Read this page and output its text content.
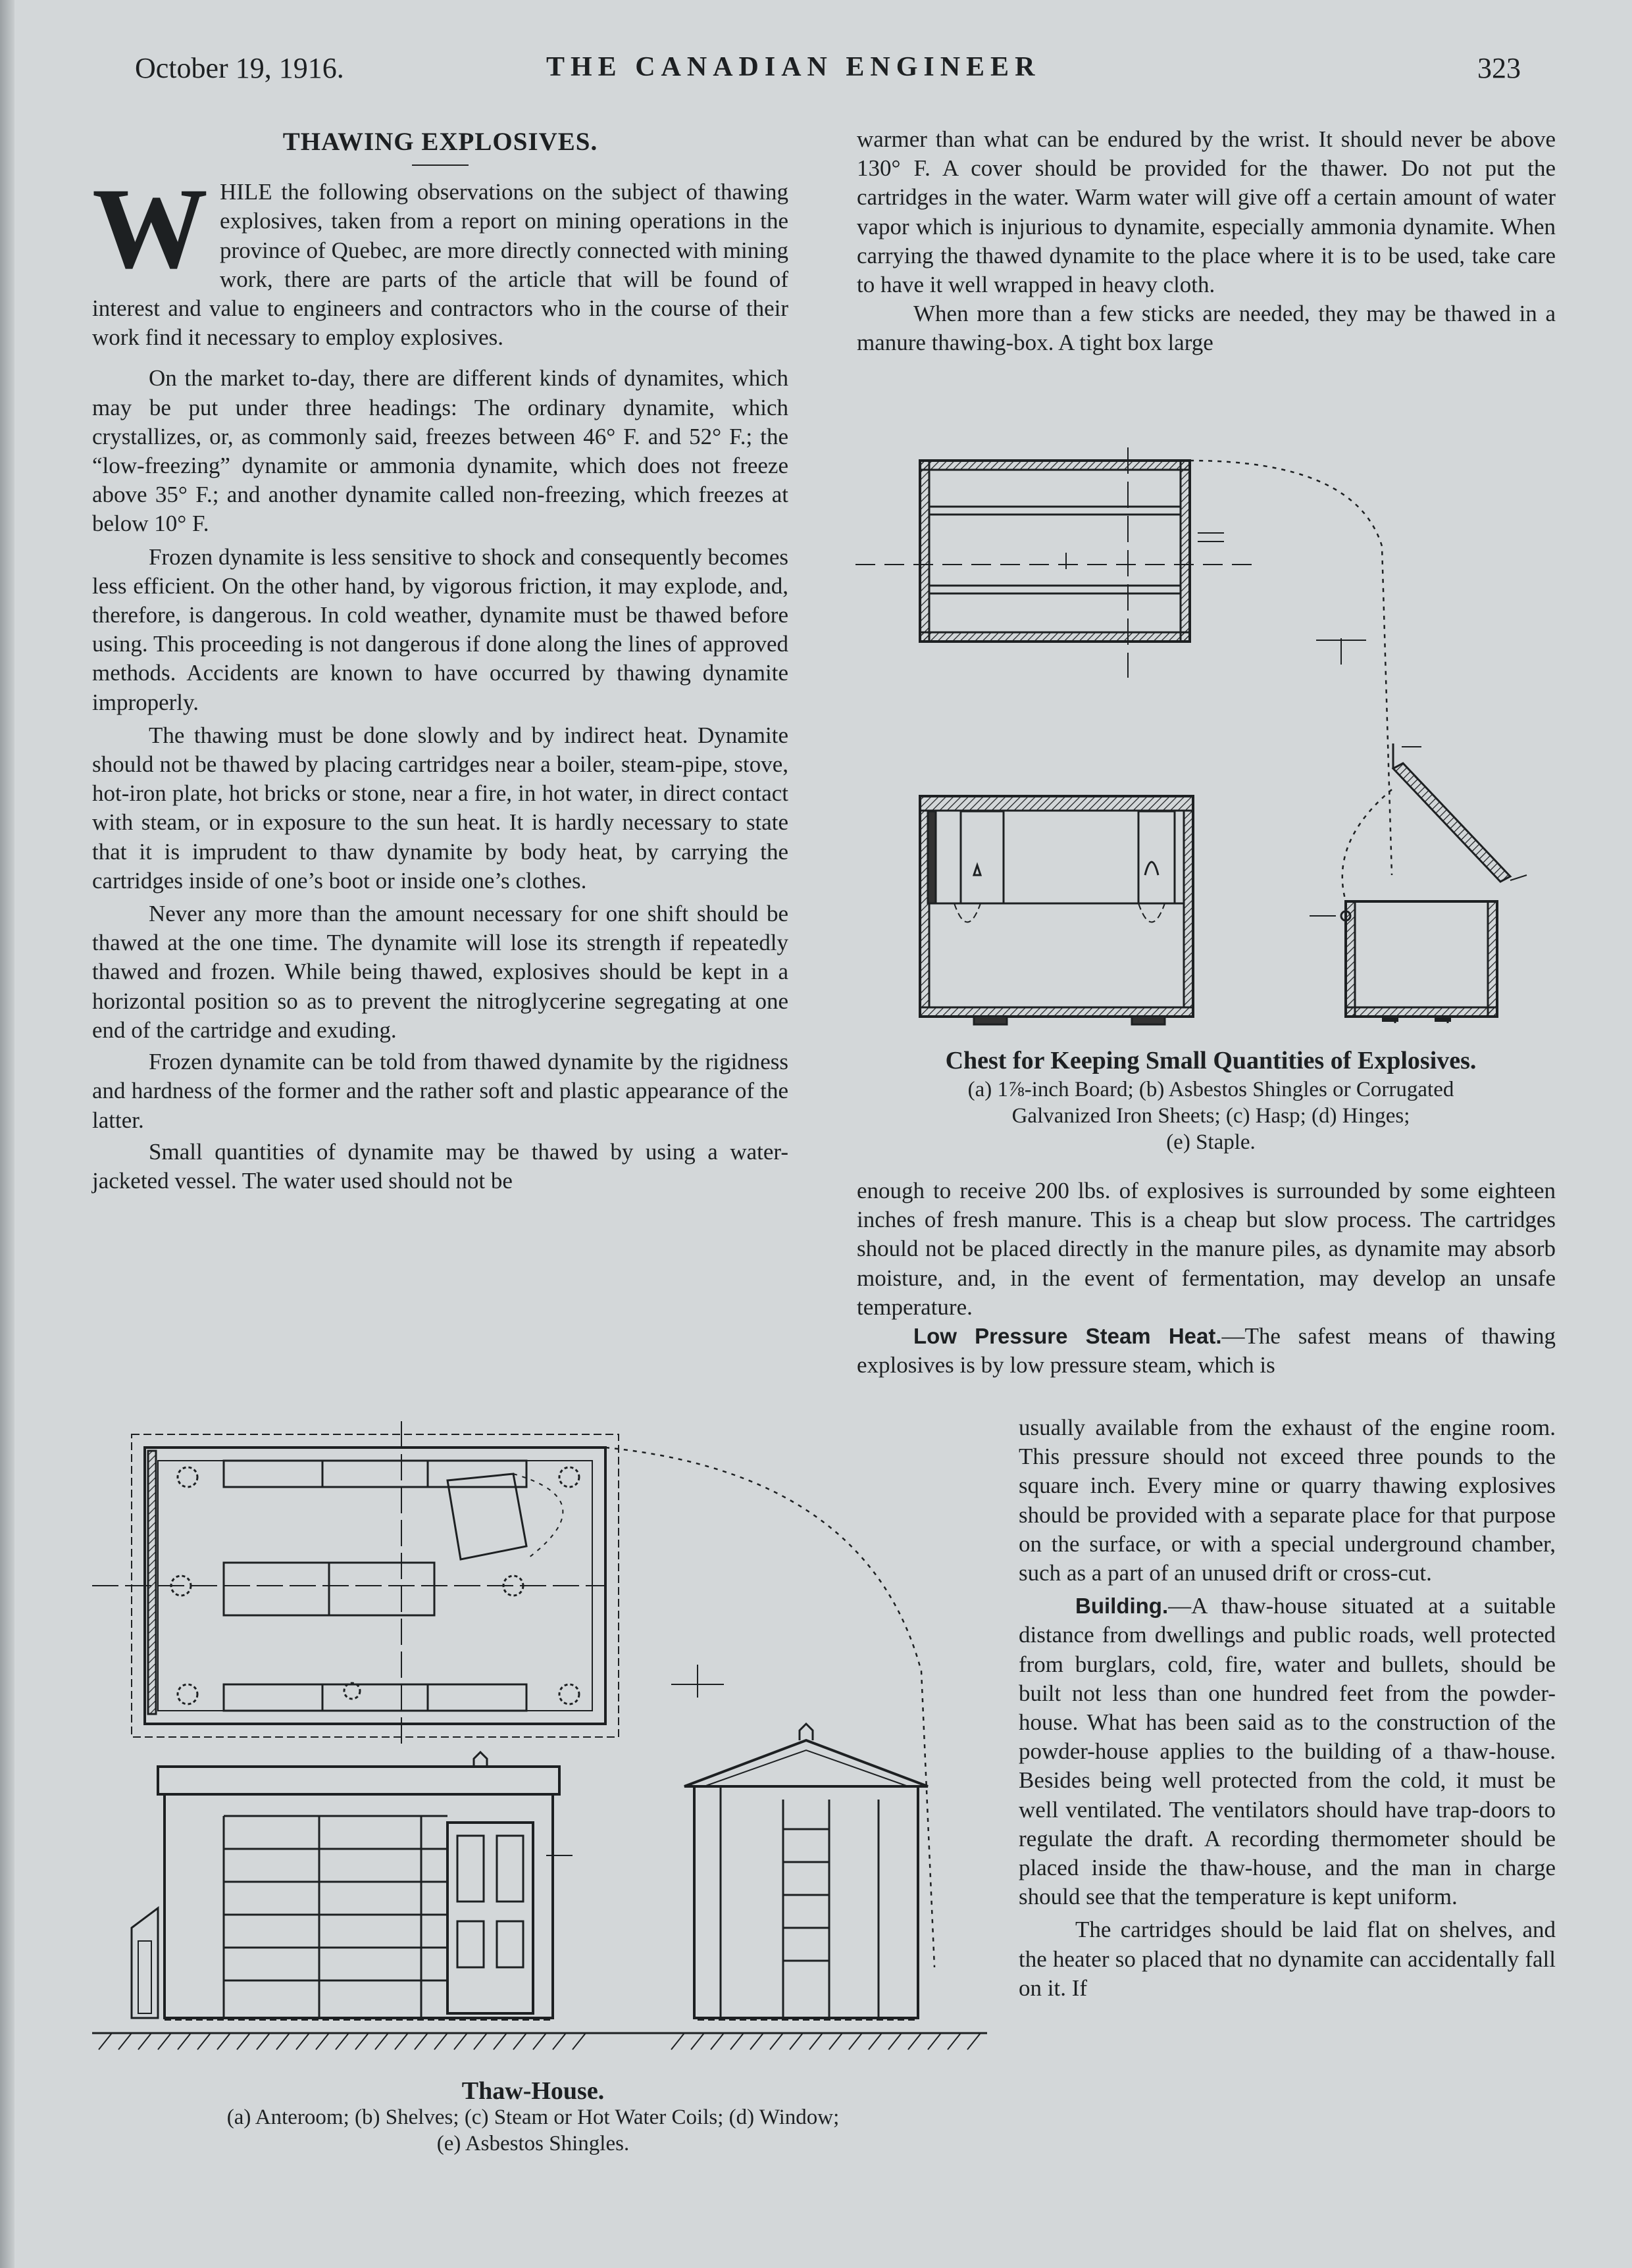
October 19, 1916.	THE CANADIAN ENGINEER	323
THAWING EXPLOSIVES.

WHILE the following observations on the subject of thawing explosives, taken from a report on mining operations in the province of Quebec, are more directly connected with mining work, there are parts of the article that will be found of interest and value to engineers and contractors who in the course of their work find it necessary to employ explosives.

On the market to-day, there are different kinds of dynamites, which may be put under three headings: The ordinary dynamite, which crystallizes, or, as commonly said, freezes between 46° F. and 52° F.; the “low-freezing” dynamite or ammonia dynamite, which does not freeze above 35° F.; and another dynamite called non-freezing, which freezes at below 10° F.

Frozen dynamite is less sensitive to shock and consequently becomes less efficient. On the other hand, by vigorous friction, it may explode, and, therefore, is dangerous. In cold weather, dynamite must be thawed before using. This proceeding is not dangerous if done along the lines of approved methods. Accidents are known to have occurred by thawing dynamite improperly.

The thawing must be done slowly and by indirect heat. Dynamite should not be thawed by placing cartridges near a boiler, steam-pipe, stove, hot-iron plate, hot bricks or stone, near a fire, in hot water, in direct contact with steam, or in exposure to the sun heat. It is hardly necessary to state that it is imprudent to thaw dynamite by body heat, by carrying the cartridges inside of one’s boot or inside one’s clothes.

Never any more than the amount necessary for one shift should be thawed at the one time. The dynamite will lose its strength if repeatedly thawed and frozen. While being thawed, explosives should be kept in a horizontal position so as to prevent the nitroglycerine segregating at one end of the cartridge and exuding.

Frozen dynamite can be told from thawed dynamite by the rigidness and hardness of the former and the rather soft and plastic appearance of the latter.

Small quantities of dynamite may be thawed by using a water-jacketed vessel. The water used should not be

warmer than what can be endured by the wrist. It should never be above 130° F. A cover should be provided for the thawer. Do not put the cartridges in the water. Warm water will give off a certain amount of water vapor which is injurious to dynamite, especially ammonia dynamite. When carrying the thawed dynamite to the place where it is to be used, take care to have it well wrapped in heavy cloth.

When more than a few sticks are needed, they may be thawed in a manure thawing-box. A tight box large

Chest for Keeping Small Quantities of Explosives.
(a) 1⅞-inch Board; (b) Asbestos Shingles or Corrugated
Galvanized Iron Sheets; (c) Hasp; (d) Hinges;
(e) Staple.

enough to receive 200 lbs. of explosives is surrounded by some eighteen inches of fresh manure. This is a cheap but slow process. The cartridges should not be placed directly in the manure piles, as dynamite may absorb moisture, and, in the event of fermentation, may develop an unsafe temperature.

Low Pressure Steam Heat.—The safest means of thawing explosives is by low pressure steam, which is

usually available from the exhaust of the engine room. This pressure should not exceed three pounds to the square inch. Every mine or quarry thawing explosives should be provided with a separate place for that purpose on the surface, or with a special underground chamber, such as a part of an unused drift or cross-cut.

Building.—A thaw-house situated at a suitable distance from dwellings and public roads, well protected from burglars, cold, fire, water and bullets, should be built not less than one hundred feet from the powder-house. What has been said as to the construction of the powder-house applies to the building of a thaw-house. Besides being well protected from the cold, it must be well ventilated. The ventilators should have trap-doors to regulate the draft. A recording thermometer should be placed inside the thaw-house, and the man in charge should see that the temperature is kept uniform.

The cartridges should be laid flat on shelves, and the heater so placed that no dynamite can accidentally fall on it. If

Thaw-House.
(a) Anteroom; (b) Shelves; (c) Steam or Hot Water Coils; (d) Window;
(e) Asbestos Shingles.
